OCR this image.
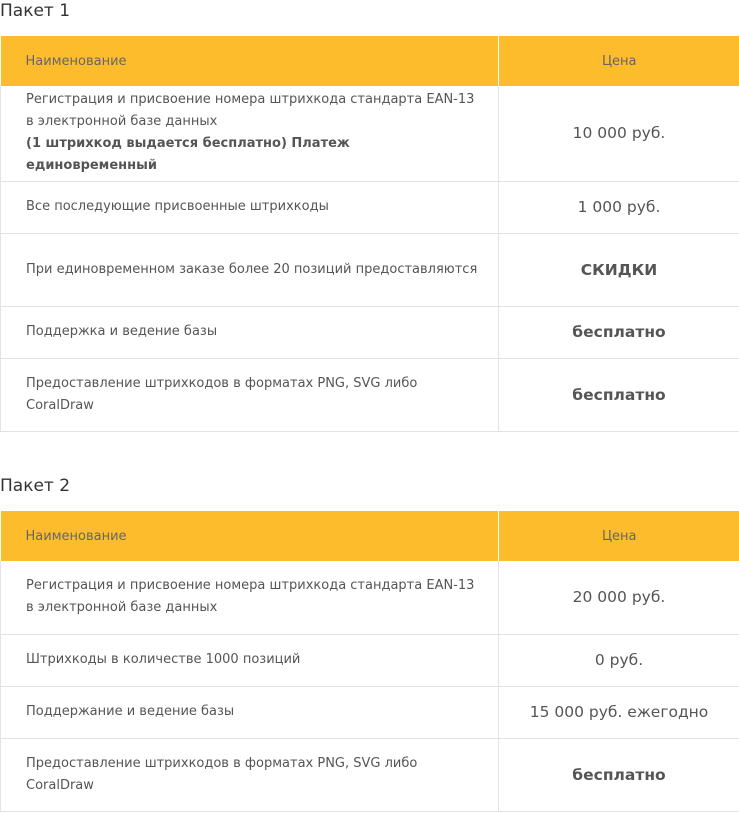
Пакет 1
Наименование	Цена
Регистрация и присвоение номера штрихкода стандарта EAN-13 в электронной базе данных
(1 штрихкод выдается бесплатно) Платеж единовременный	10 000 руб.
Все последующие присвоенные штрихкоды	1 000 руб.
При единовременном заказе более 20 позиций предоставляются	СКИДКИ
Поддержка и ведение базы	бесплатно
Предоставление штрихкодов в форматах PNG, SVG либо CoralDraw	бесплатно
Пакет 2
Наименование	Цена
Регистрация и присвоение номера штрихкода стандарта EAN-13 в электронной базе данных	20 000 руб.
Штрихкоды в количестве 1000 позиций	0 руб.
Поддержание и ведение базы	15 000 руб. ежегодно
Предоставление штрихкодов в форматах PNG, SVG либо CoralDraw	бесплатно
